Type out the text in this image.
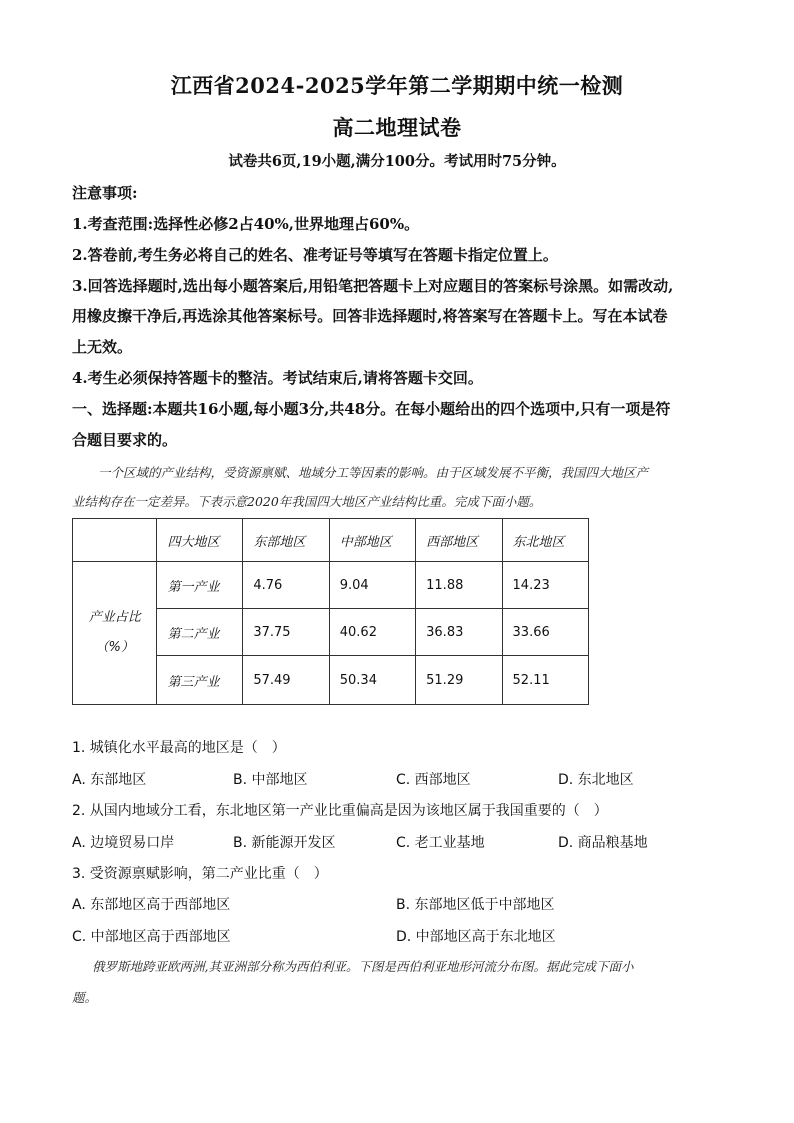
江西省2024-2025学年第二学期期中统一检测
高二地理试卷
试卷共6页,19小题,满分100分。考试用时75分钟。
注意事项:
1.考查范围:选择性必修2占40%,世界地理占60%。
2.答卷前,考生务必将自己的姓名、准考证号等填写在答题卡指定位置上。
3.回答选择题时,选出每小题答案后,用铅笔把答题卡上对应题目的答案标号涂黑。如需改动,
用橡皮擦干净后,再选涂其他答案标号。回答非选择题时,将答案写在答题卡上。写在本试卷
上无效。
4.考生必须保持答题卡的整洁。考试结束后,请将答题卡交回。
一、选择题:本题共16小题,每小题3分,共48分。在每小题给出的四个选项中,只有一项是符
合题目要求的。
一个区域的产业结构，受资源禀赋、地域分工等因素的影响。由于区域发展不平衡，我国四大地区产
业结构存在一定差异。下表示意2020年我国四大地区产业结构比重。完成下面小题。
	四大地区	东部地区	中部地区	西部地区	东北地区

产业占比
（%）	第一产业	4.76	9.04	11.88	14.23
	第二产业	37.75	40.62	36.83	33.66
	第三产业	57.49	50.34	51.29	52.11
1. 城镇化水平最高的地区是（　）
A. 东部地区	B. 中部地区	C. 西部地区	D. 东北地区
2. 从国内地域分工看，东北地区第一产业比重偏高是因为该地区属于我国重要的（　）
A. 边境贸易口岸	B. 新能源开发区	C. 老工业基地	D. 商品粮基地
3. 受资源禀赋影响，第二产业比重（　）
A. 东部地区高于西部地区	B. 东部地区低于中部地区
C. 中部地区高于西部地区	D. 中部地区高于东北地区
俄罗斯地跨亚欧两洲,其亚洲部分称为西伯利亚。下图是西伯利亚地形河流分布图。据此完成下面小
题。
